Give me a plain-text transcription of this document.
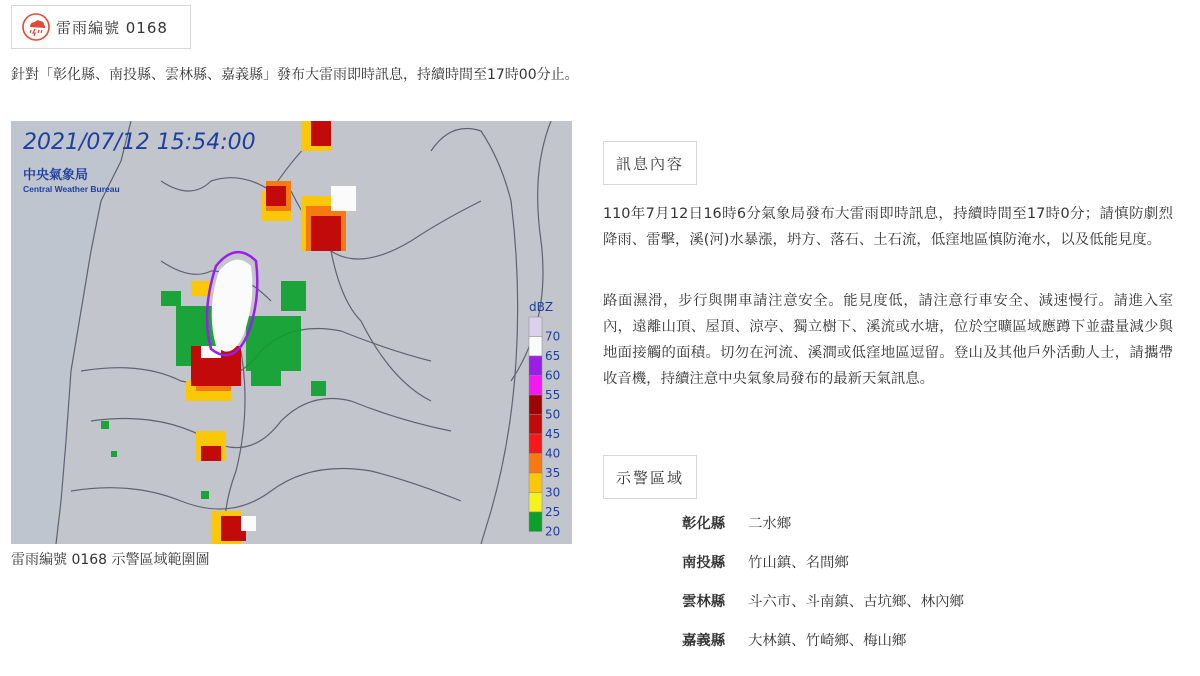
雷雨編號 0168
針對「彰化縣、南投縣、雲林縣、嘉義縣」發布大雷雨即時訊息，持續時間至17時00分止。
2021/07/12 15:54:00
中央氣象局
Central Weather Bureau
dBZ
70
65
60
55
50
45
40
35
30
25
20
雷雨編號 0168 示警區域範圍圖
訊息內容

110年7月12日16時6分氣象局發布大雷雨即時訊息，持續時間至17時0分；請慎防劇烈降雨、雷擊，溪(河)水暴漲，坍方、落石、土石流，低窪地區慎防淹水，以及低能見度。

路面濕滑，步行與開車請注意安全。能見度低，請注意行車安全、減速慢行。請進入室內，遠離山頂、屋頂、涼亭、獨立樹下、溪流或水塘，位於空曠區域應蹲下並盡量減少與地面接觸的面積。切勿在河流、溪澗或低窪地區逗留。登山及其他戶外活動人士，請攜帶收音機，持續注意中央氣象局發布的最新天氣訊息。

示警區域
彰化縣	二水鄉
南投縣	竹山鎮、名間鄉
雲林縣	斗六市、斗南鎮、古坑鄉、林內鄉
嘉義縣	大林鎮、竹崎鄉、梅山鄉
